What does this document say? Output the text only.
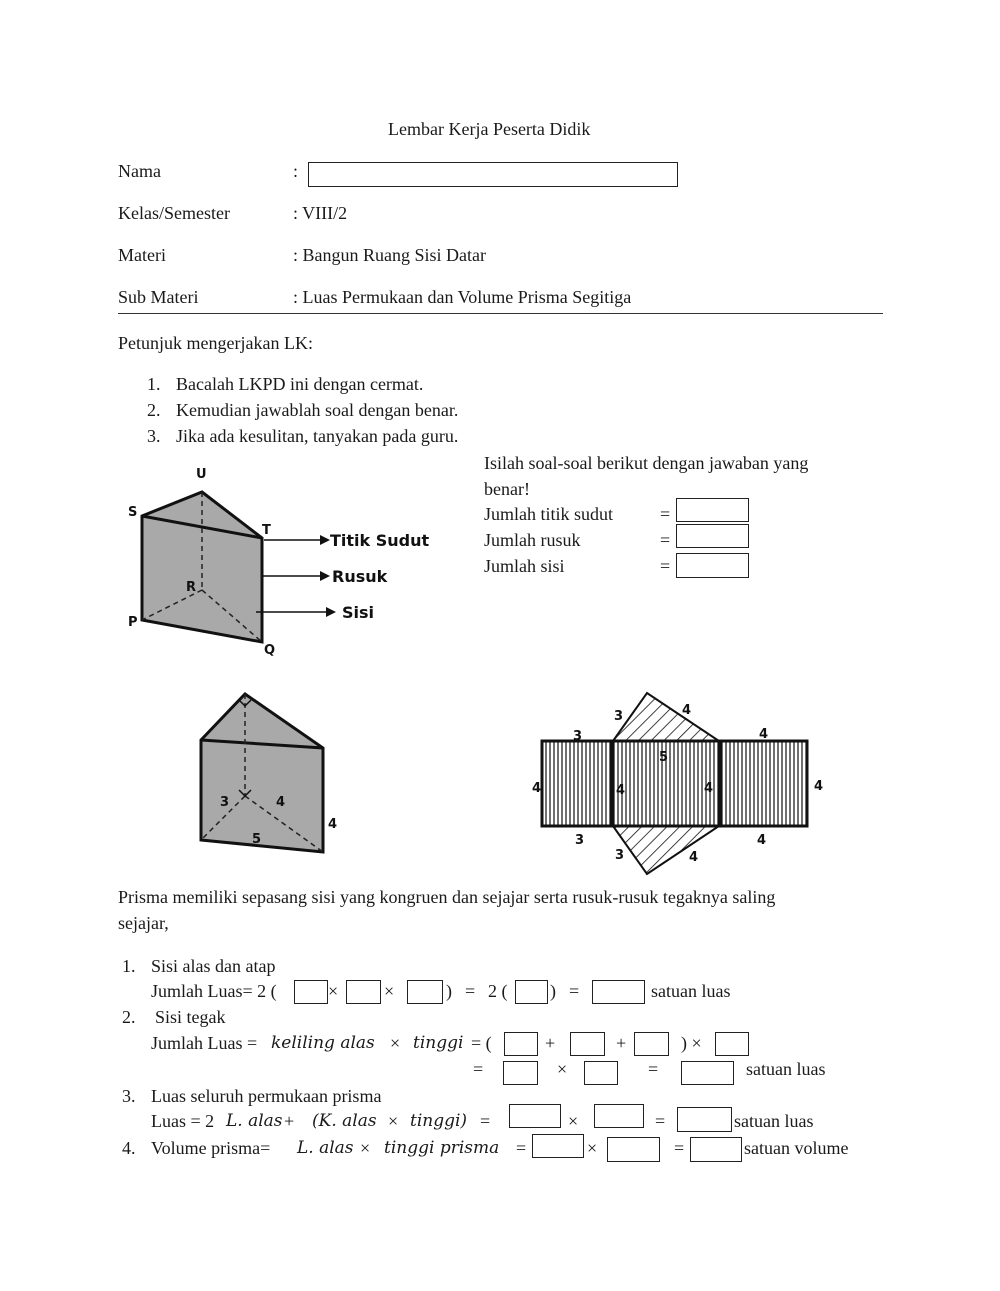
Lembar Kerja Peserta Didik
Nama	:
Kelas/Semester	: VIII/2
Materi	: Bangun Ruang Sisi Datar
Sub Materi	: Luas Permukaan dan Volume Prisma Segitiga
Petunjuk mengerjakan LK:
1. Bacalah LKPD ini dengan cermat.
2. Kemudian jawablah soal dengan benar.
3. Jika ada kesulitan, tanyakan pada guru.
U
S
T
R
P
Q
Titik Sudut
Rusuk
Sisi
Isilah soal-soal berikut dengan jawaban yang
benar!
Jumlah titik sudut	=
Jumlah rusuk	=
Jumlah sisi	=
3	4
5
4
3	4
3	4
5
4	4	4	4
3	4
3	4
Prisma memiliki sepasang sisi yang kongruen dan sejajar serta rusuk-rusuk tegaknya saling
sejajar,
1. Sisi alas dan atap
Jumlah Luas= 2 (	×	×	) = 2 ( ) =	satuan luas
2. Sisi tegak
Jumlah Luas = keliling alas × tinggi = (	+	+	) ×
=	×	=	satuan luas
3. Luas seluruh permukaan prisma
Luas = 2 L. alas + (K. alas × tinggi) =	×	=	satuan luas
4. Volume prisma= L. alas × tinggi prisma =	×	=	satuan volume
